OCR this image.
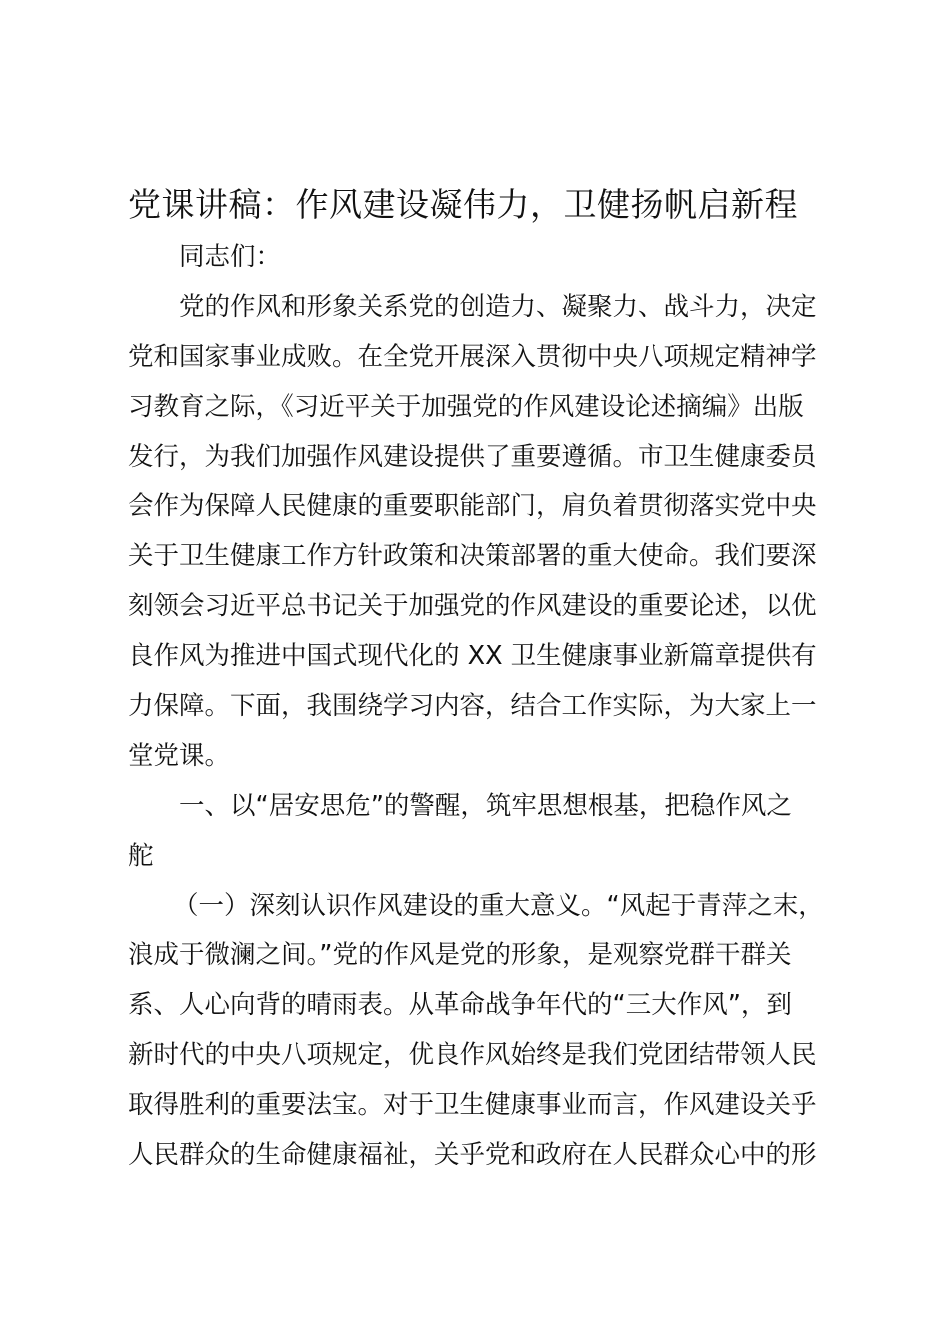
党课讲稿：作风建设凝伟力，卫健扬帆启新程
同志们：
党的作风和形象关系党的创造力、凝聚力、战斗力，决定
党和国家事业成败。在全党开展深入贯彻中央八项规定精神学
习教育之际，《习近平关于加强党的作风建设论述摘编》出版
发行，为我们加强作风建设提供了重要遵循。市卫生健康委员
会作为保障人民健康的重要职能部门，肩负着贯彻落实党中央
关于卫生健康工作方针政策和决策部署的重大使命。我们要深
刻领会习近平总书记关于加强党的作风建设的重要论述，以优
良作风为推进中国式现代化的 XX 卫生健康事业新篇章提供有
力保障。下面，我围绕学习内容，结合工作实际，为大家上一
堂党课。
一、以“居安思危”的警醒，筑牢思想根基，把稳作风之
舵
（一）深刻认识作风建设的重大意义。“风起于青萍之末，
浪成于微澜之间。”党的作风是党的形象，是观察党群干群关
系、人心向背的晴雨表。从革命战争年代的“三大作风”，到
新时代的中央八项规定，优良作风始终是我们党团结带领人民
取得胜利的重要法宝。对于卫生健康事业而言，作风建设关乎
人民群众的生命健康福祉，关乎党和政府在人民群众心中的形
